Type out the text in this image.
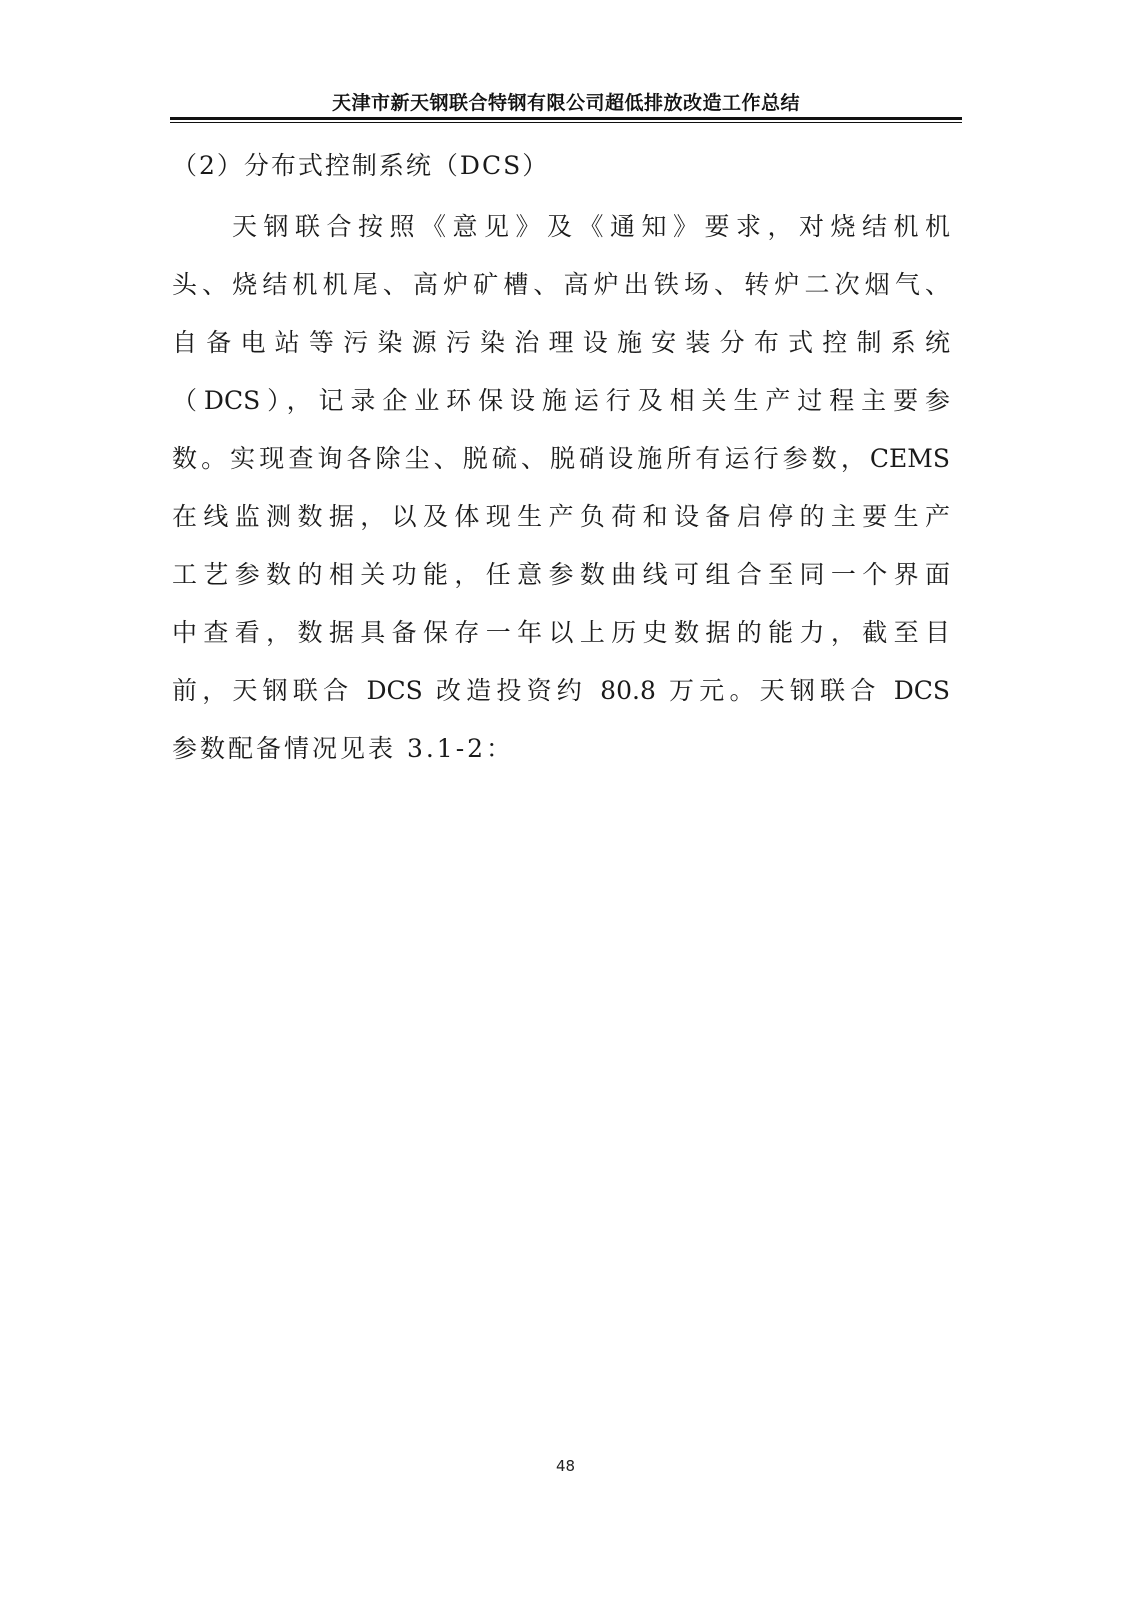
天津市新天钢联合特钢有限公司超低排放改造工作总结
（2）分布式控制系统（DCS）
天钢联合按照《意见》及《通知》要求，对烧结机机
头、烧结机机尾、高炉矿槽、高炉出铁场、转炉二次烟气、
自备电站等污染源污染治理设施安装分布式控制系统
（DCS），记录企业环保设施运行及相关生产过程主要参
数。实现查询各除尘、脱硫、脱硝设施所有运行参数，CEMS
在线监测数据，以及体现生产负荷和设备启停的主要生产
工艺参数的相关功能，任意参数曲线可组合至同一个界面
中查看，数据具备保存一年以上历史数据的能力，截至目
前，天钢联合 DCS 改造投资约 80.8 万元。天钢联合 DCS
参数配备情况见表 3.1-2：
48
